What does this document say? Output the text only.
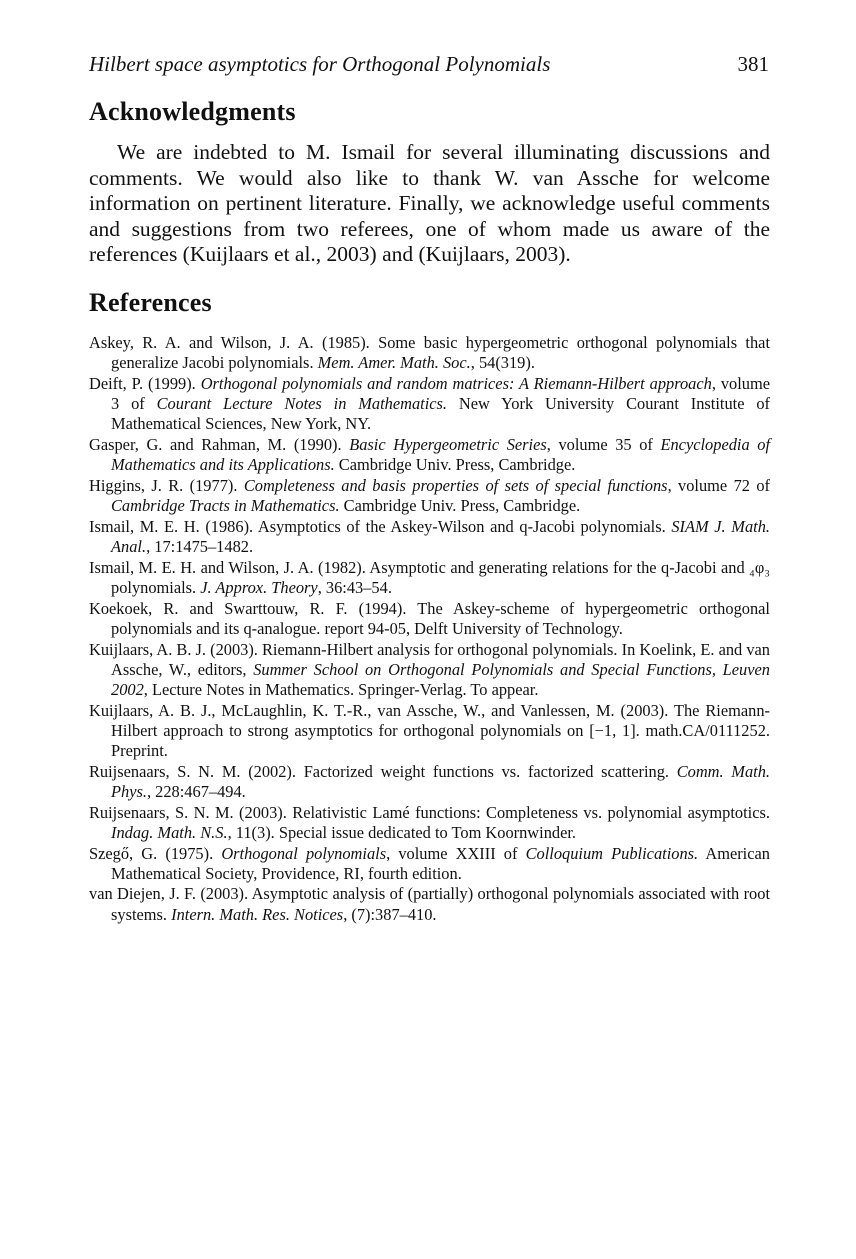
Hilbert space asymptotics for Orthogonal Polynomials	381
Acknowledgments

We are indebted to M. Ismail for several illuminating discussions and comments. We would also like to thank W. van Assche for welcome information on pertinent literature. Finally, we acknowledge useful comments and suggestions from two referees, one of whom made us aware of the references (Kuijlaars et al., 2003) and (Kuijlaars, 2003).

References

Askey, R. A. and Wilson, J. A. (1985). Some basic hypergeometric orthogonal polynomials that generalize Jacobi polynomials. Mem. Amer. Math. Soc., 54(319).

Deift, P. (1999). Orthogonal polynomials and random matrices: A Riemann-Hilbert approach, volume 3 of Courant Lecture Notes in Mathematics. New York University Courant Institute of Mathematical Sciences, New York, NY.

Gasper, G. and Rahman, M. (1990). Basic Hypergeometric Series, volume 35 of Encyclopedia of Mathematics and its Applications. Cambridge Univ. Press, Cambridge.

Higgins, J. R. (1977). Completeness and basis properties of sets of special functions, volume 72 of Cambridge Tracts in Mathematics. Cambridge Univ. Press, Cambridge.

Ismail, M. E. H. (1986). Asymptotics of the Askey-Wilson and q-Jacobi polynomials. SIAM J. Math. Anal., 17:1475–1482.

Ismail, M. E. H. and Wilson, J. A. (1982). Asymptotic and generating relations for the q-Jacobi and ₄φ₃ polynomials. J. Approx. Theory, 36:43–54.

Koekoek, R. and Swarttouw, R. F. (1994). The Askey-scheme of hypergeometric orthogonal polynomials and its q-analogue. report 94-05, Delft University of Technology.

Kuijlaars, A. B. J. (2003). Riemann-Hilbert analysis for orthogonal polynomials. In Koelink, E. and van Assche, W., editors, Summer School on Orthogonal Polynomials and Special Functions, Leuven 2002, Lecture Notes in Mathematics. Springer-Verlag. To appear.

Kuijlaars, A. B. J., McLaughlin, K. T.-R., van Assche, W., and Vanlessen, M. (2003). The Riemann-Hilbert approach to strong asymptotics for orthogonal polynomials on [−1, 1]. math.CA/0111252. Preprint.

Ruijsenaars, S. N. M. (2002). Factorized weight functions vs. factorized scattering. Comm. Math. Phys., 228:467–494.

Ruijsenaars, S. N. M. (2003). Relativistic Lamé functions: Completeness vs. polynomial asymptotics. Indag. Math. N.S., 11(3). Special issue dedicated to Tom Koornwinder.

Szegő, G. (1975). Orthogonal polynomials, volume XXIII of Colloquium Publications. American Mathematical Society, Providence, RI, fourth edition.

van Diejen, J. F. (2003). Asymptotic analysis of (partially) orthogonal polynomials associated with root systems. Intern. Math. Res. Notices, (7):387–410.
